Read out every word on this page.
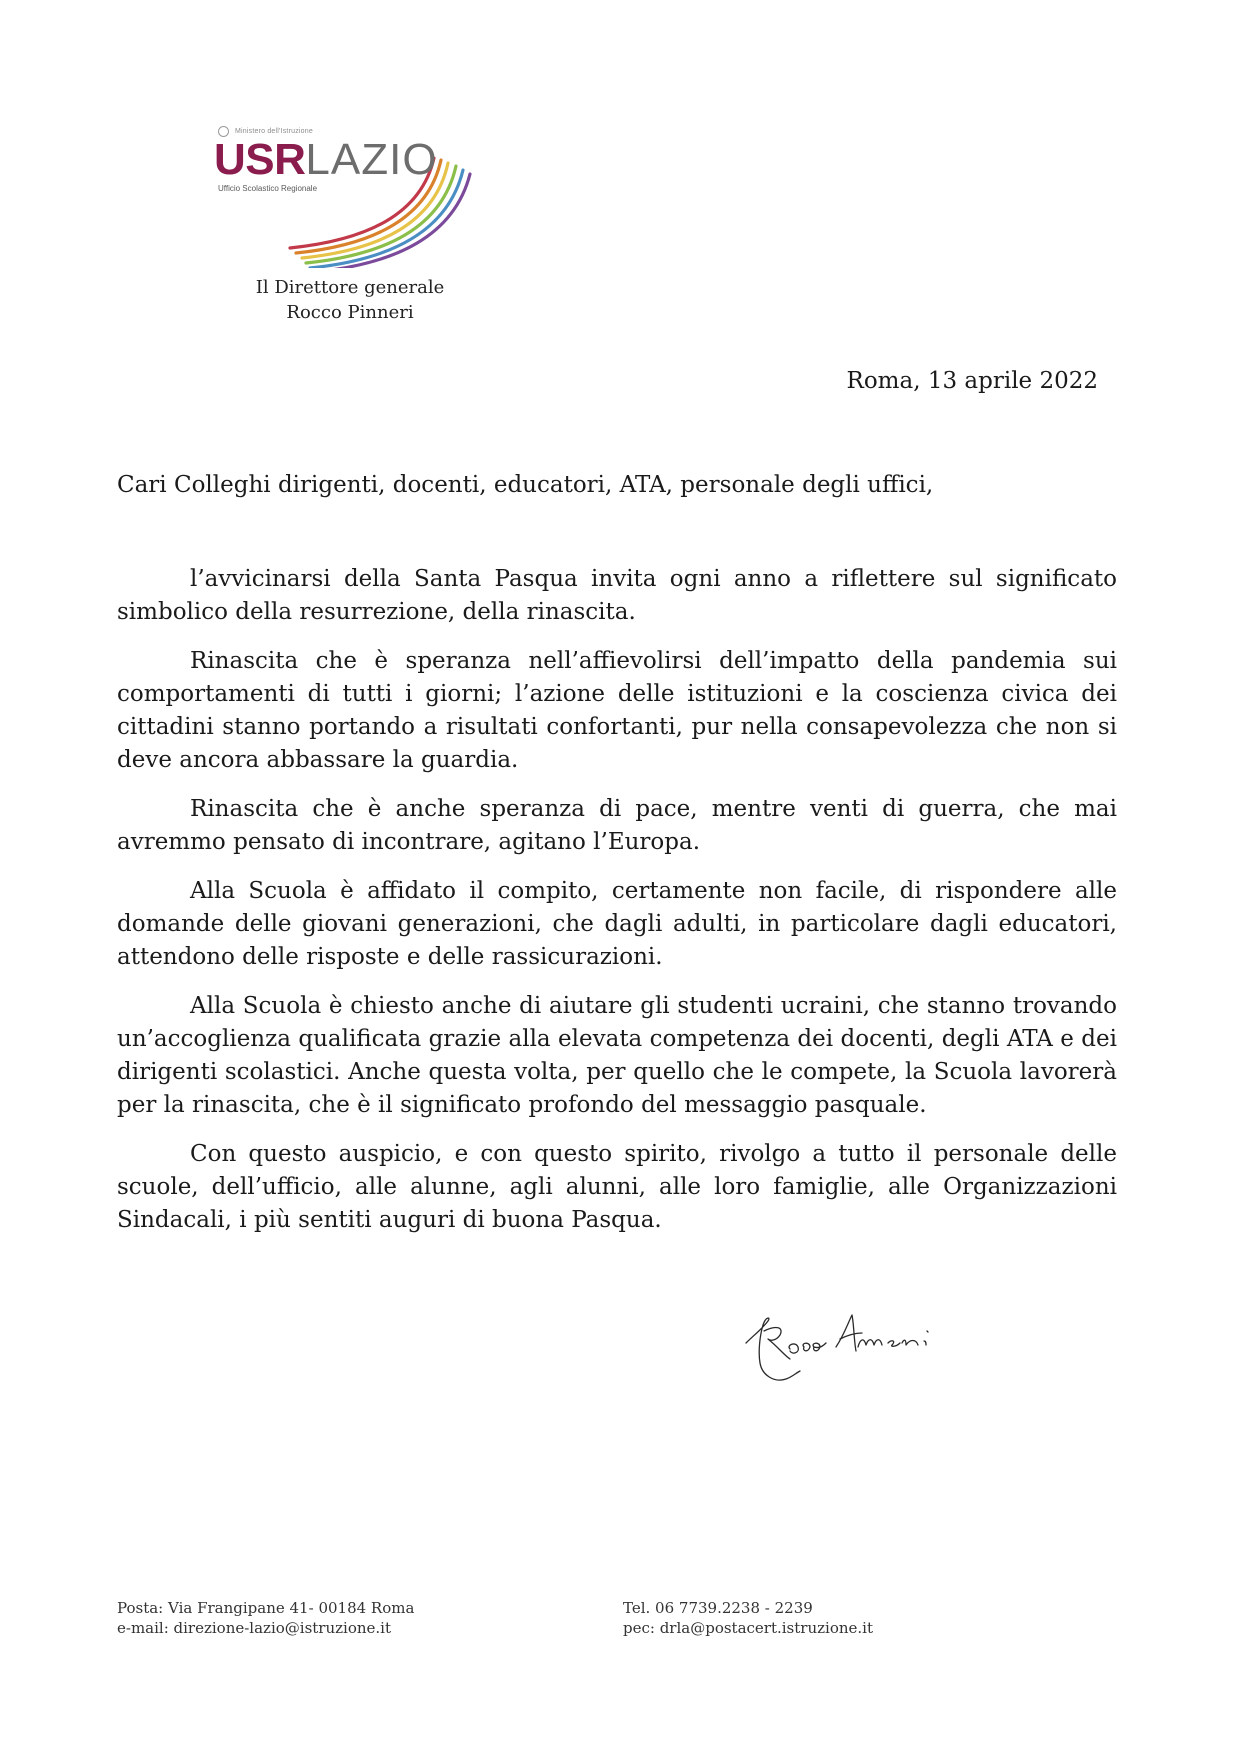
Ministero dell'Istruzione
USRLAZIO
Ufficio Scolastico Regionale
Il Direttore generale
Rocco Pinneri
Roma, 13 aprile 2022
Cari Colleghi dirigenti, docenti, educatori, ATA, personale degli uffici,

l’avvicinarsi della Santa Pasqua invita ogni anno a riflettere sul significato simbolico della resurrezione, della rinascita.

Rinascita che è speranza nell’affievolirsi dell’impatto della pandemia sui comportamenti di tutti i giorni; l’azione delle istituzioni e la coscienza civica dei cittadini stanno portando a risultati confortanti, pur nella consapevolezza che non si deve ancora abbassare la guardia.

Rinascita che è anche speranza di pace, mentre venti di guerra, che mai avremmo pensato di incontrare, agitano l’Europa.

Alla Scuola è affidato il compito, certamente non facile, di rispondere alle domande delle giovani generazioni, che dagli adulti, in particolare dagli educatori, attendono delle risposte e delle rassicurazioni.

Alla Scuola è chiesto anche di aiutare gli studenti ucraini, che stanno trovando un’accoglienza qualificata grazie alla elevata competenza dei docenti, degli ATA e dei dirigenti scolastici. Anche questa volta, per quello che le compete, la Scuola lavorerà per la rinascita, che è il significato profondo del messaggio pasquale.

Con questo auspicio, e con questo spirito, rivolgo a tutto il personale delle scuole, dell’ufficio, alle alunne, agli alunni, alle loro famiglie, alle Organizzazioni Sindacali, i più sentiti auguri di buona Pasqua.

Posta: Via Frangipane 41- 00184 Roma
e-mail: direzione-lazio@istruzione.it
Tel. 06 7739.2238 - 2239
pec: drla@postacert.istruzione.it
